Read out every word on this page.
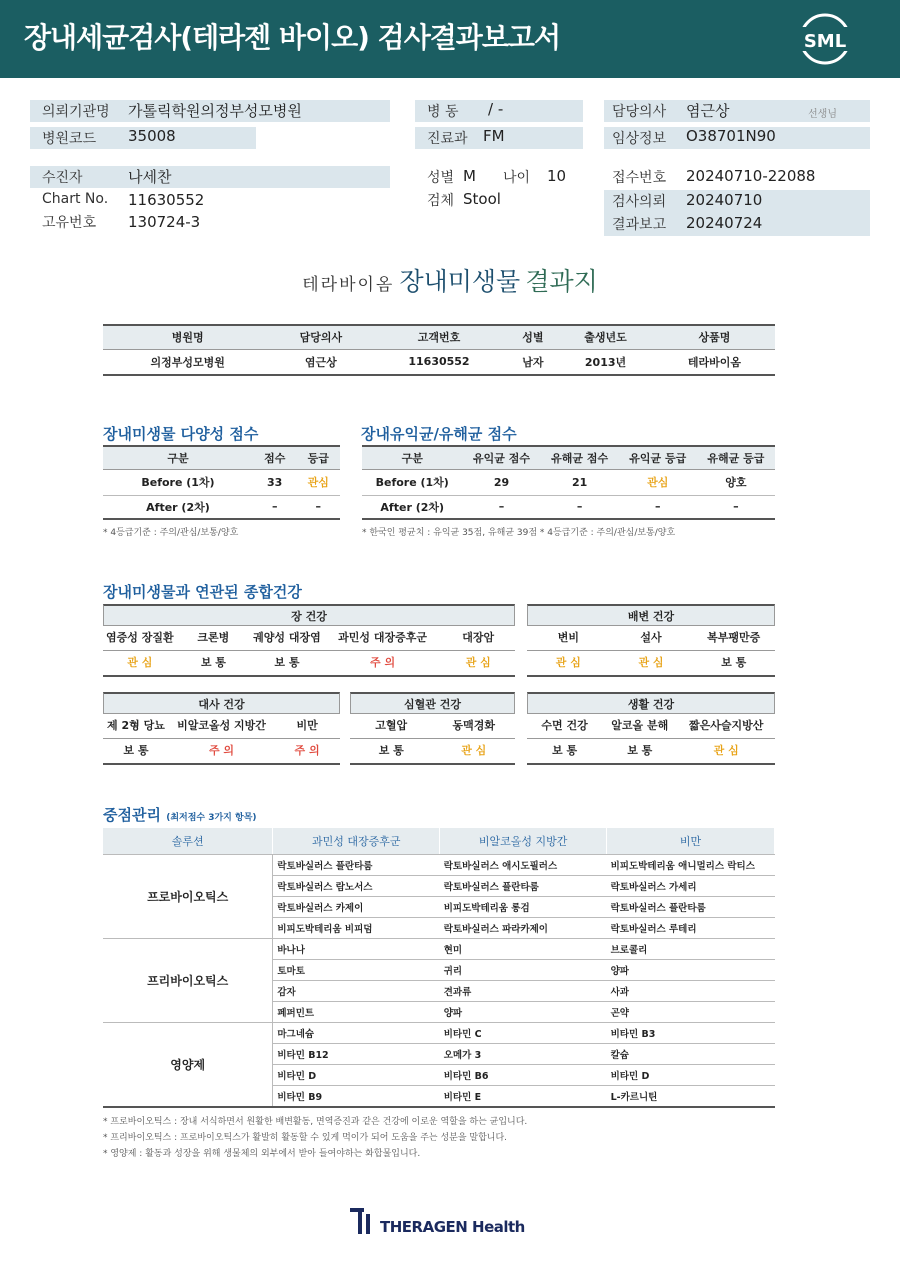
장내세균검사(테라젠 바이오) 검사결과보고서	SML
의뢰기관명 가톨릭학원의정부성모병원
병원코드 35008
수진자	나세찬
Chart No. 11630552
고유번호 130724-3
병 동 / -
진료과 FM
성별 M 나이 10
검체 Stool
담당의사 염근상	선생님
임상정보 O38701N90
접수번호 20240710-22088
검사의뢰 20240710
결과보고 20240724
테라바이옴 장내미생물 결과지
병원명	담당의사	고객번호	성별	출생년도	상품명
의정부성모병원	염근상	11630552	남자	2013년	테라바이옴
장내미생물 다양성 점수
구분	점수	등급
Before (1차)	33	관심
After (2차)	–	–
* 4등급기준 : 주의/관심/보통/양호
장내유익균/유해균 점수
구분	유익균 점수	유해균 점수	유익균 등급	유해균 등급
Before (1차)	29	21	관심	양호
After (2차)	–	–	–	–
* 한국인 평균치 : 유익균 35점, 유해균 39점 * 4등급기준 : 주의/관심/보통/양호
장내미생물과 연관된 종합건강
장 건강
염증성 장질환	크론병	궤양성 대장염	과민성 대장증후군	대장암
관 심	보 통	보 통	주 의	관 심
배변 건강
변비	설사	복부팽만증
관 심	관 심	보 통
대사 건강
제 2형 당뇨	비알코올성 지방간	비만
보 통	주 의	주 의
심혈관 건강
고혈압	동맥경화
보 통	관 심
생활 건강
수면 건강	알코올 분해	짧은사슬지방산
보 통	보 통	관 심
중점관리 (최저점수 3가지 항목)
솔루션	과민성 대장증후군	비알코올성 지방간	비만
프로바이오틱스	락토바실러스 플란타룸	락토바실러스 애시도필러스	비피도박테리움 애니멀리스 락티스
	락토바실러스 람노서스	락토바실러스 플란타룸	락토바실러스 가세리
	락토바실러스 카제이	비피도박테리움 롱검	락토바실러스 플란타룸
	비피도박테리움 비피덤	락토바실러스 파라카제이	락토바실러스 루테리
프리바이오틱스	바나나	현미	브로콜리
	토마토	귀리	양파
	감자	견과류	사과
	페퍼민트	양파	곤약
영양제	마그네슘	비타민 C	비타민 B3
	비타민 B12	오메가 3	칼슘
	비타민 D	비타민 B6	비타민 D
	비타민 B9	비타민 E	L-카르니틴
* 프로바이오틱스 : 장내 서식하면서 원활한 배변활동, 면역증진과 같은 건강에 이로운 역할을 하는 균입니다.
* 프리바이오틱스 : 프로바이오틱스가 활발히 활동할 수 있게 먹이가 되어 도움을 주는 성분을 말합니다.
* 영양제 : 활동과 성장을 위해 생물체의 외부에서 받아 들여야하는 화합물입니다.
THERAGEN Health
